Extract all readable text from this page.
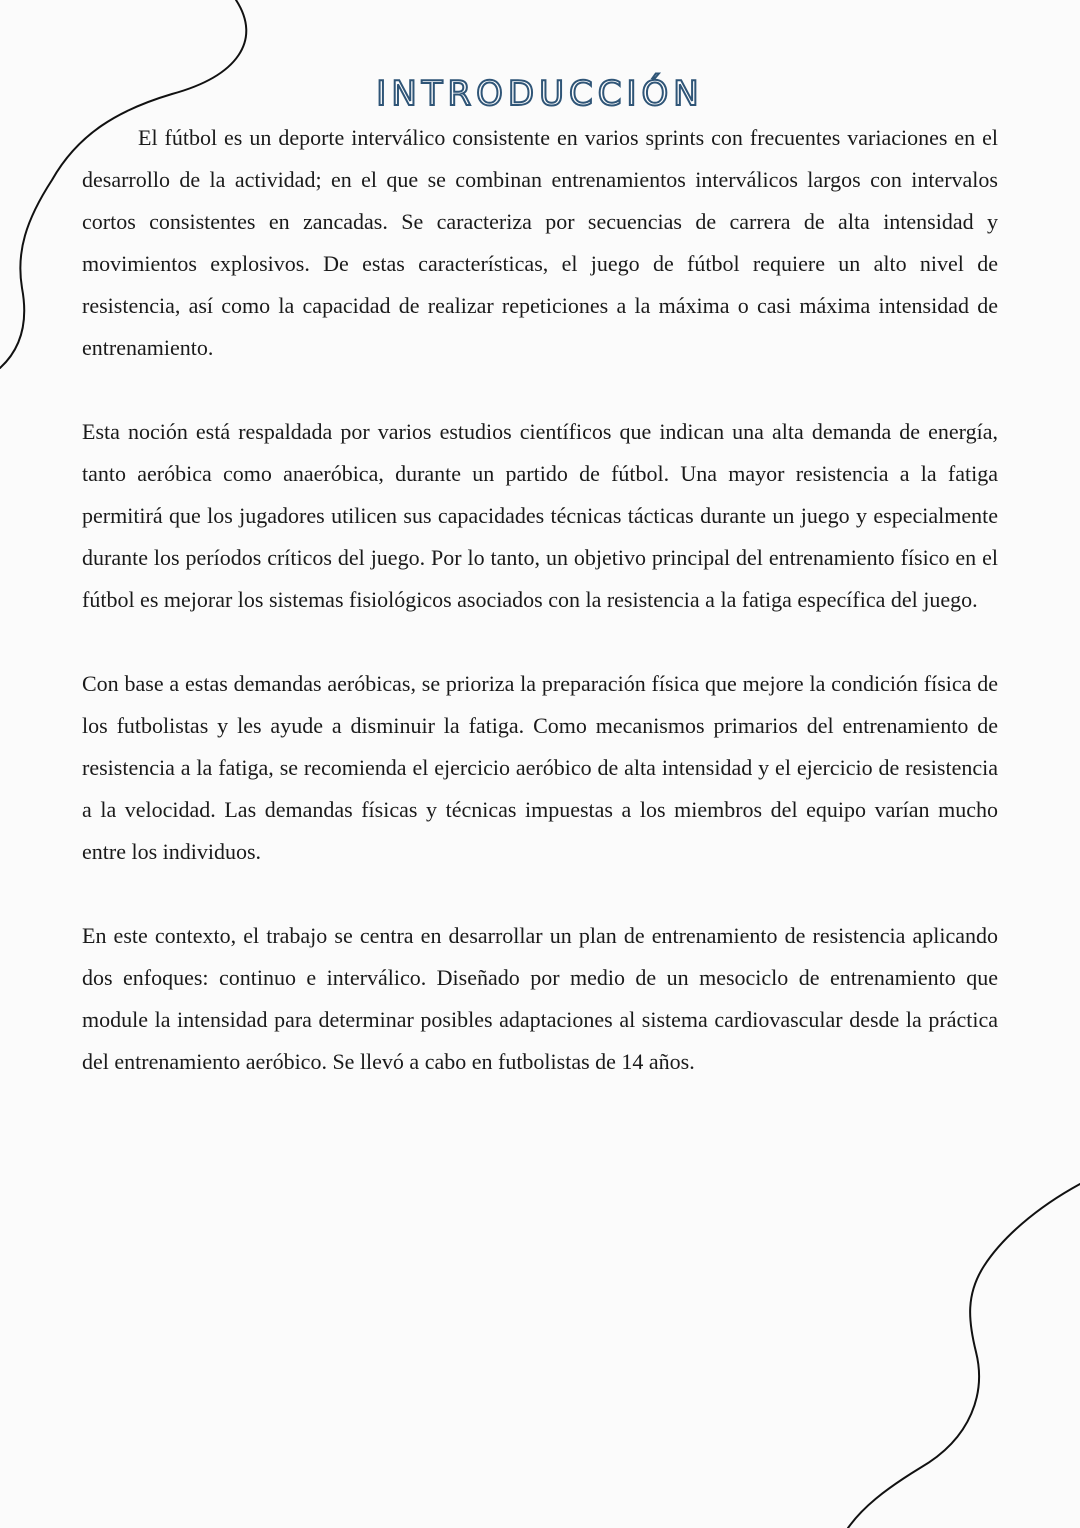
INTRODUCCIÓN

El fútbol es un deporte interválico consistente en varios sprints con frecuentes variaciones en el desarrollo de la actividad; en el que se combinan entrenamientos interválicos largos con intervalos cortos consistentes en zancadas. Se caracteriza por secuencias de carrera de alta intensidad y movimientos explosivos. De estas características, el juego de fútbol requiere un alto nivel de resistencia, así como la capacidad de realizar repeticiones a la máxima o casi máxima intensidad de entrenamiento.

Esta noción está respaldada por varios estudios científicos que indican una alta demanda de energía, tanto aeróbica como anaeróbica, durante un partido de fútbol. Una mayor resistencia a la fatiga permitirá que los jugadores utilicen sus capacidades técnicas tácticas durante un juego y especialmente durante los períodos críticos del juego. Por lo tanto, un objetivo principal del entrenamiento físico en el fútbol es mejorar los sistemas fisiológicos asociados con la resistencia a la fatiga específica del juego.

Con base a estas demandas aeróbicas, se prioriza la preparación física que mejore la condición física de los futbolistas y les ayude a disminuir la fatiga. Como mecanismos primarios del entrenamiento de resistencia a la fatiga, se recomienda el ejercicio aeróbico de alta intensidad y el ejercicio de resistencia a la velocidad. Las demandas físicas y técnicas impuestas a los miembros del equipo varían mucho entre los individuos.

En este contexto, el trabajo se centra en desarrollar un plan de entrenamiento de resistencia aplicando dos enfoques: continuo e interválico. Diseñado por medio de un mesociclo de entrenamiento que module la intensidad para determinar posibles adaptaciones al sistema cardiovascular desde la práctica del entrenamiento aeróbico. Se llevó a cabo en futbolistas de 14 años.
